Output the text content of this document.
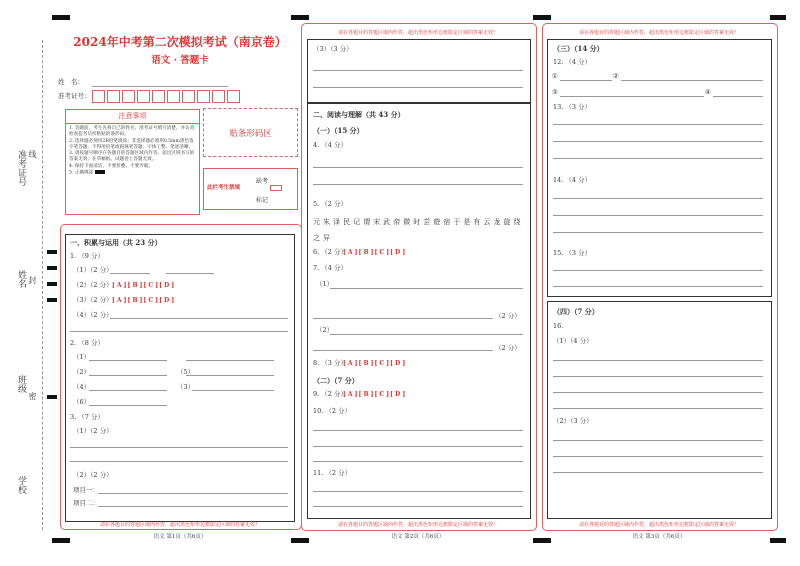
准考证号 线
姓名 封
班级
密
学校
2024年中考第二次模拟考试（南京卷）
语文 · 答题卡
姓　名：
准考证号：
注意事项
1. 答题前，考生先将自己的姓名、准考证号填写清楚，并认真检查监考员所粘贴的条形码。
2. 选择题必须用2B铅笔填涂；非选择题必须用0.5mm黑色签字笔答题，不得用铅笔或圆珠笔答题；字体工整、笔迹清晰。
3. 请按题号顺序在各题目的答题区域内作答，超出区域书写的答案无效；在草稿纸、试题卷上答题无效。
4. 保持卡面清洁，不要折叠、不要弄破。
5. 正确填涂
贴条形码区
此栏考生禁填
缺考
标记
一、积累与运用（共 23 分）
1. （9 分）
（1）（2 分）
（2）（2 分） [ A ][ B ][ C ][ D ]
（3）（2 分） [ A ][ B ][ C ][ D ]
（4）（2 分）
2. （8 分）
（1）
（2）
（3）
（4）
（5）
（6）
3. （7 分）
（1）（2 分）
（2）（2 分）
项目一：
项目二：
请在各题目的答题区域内作答，超出黑色矩形边框限定区域的答案无效！
语文 第1页（共6页）
请在各题目的答题区域内作答，超出黑色矩形边框限定区域的答案无效！
（3）（3 分）
二、阅读与理解（共 43 分）
（一）（15 分）
4. （4 分）
5. （2 分）
元 朱 泽 民 记 谓 宋 武 帝 微 时 尝 遊 宿 于 是 有 云 龙 旋 绕 之 异
6. （2 分）
[ A ][ B ][ C ][ D ]
7. （4 分）
（1）
（2 分）
（2）
（2 分）
8. （3 分）
[ A ][ B ][ C ][ D ]
（二）（7 分）
9. （2 分）
[ A ][ B ][ C ][ D ]
10. （2 分）
11. （2 分）
请在各题目的答题区域内作答，超出黑色矩形边框限定区域的答案无效！
语文 第2页（共6页）
请在各题目的答题区域内作答，超出黑色矩形边框限定区域的答案无效！
（三）（14 分）
12. （4 分）
①	②
③	④
13. （3 分）
14. （4 分）
15. （3 分）
（四）（7 分）
16.
（1）（4 分）
（2）（3 分）
请在各题目的答题区域内作答，超出黑色矩形边框限定区域的答案无效！
语文 第3页（共6页）
